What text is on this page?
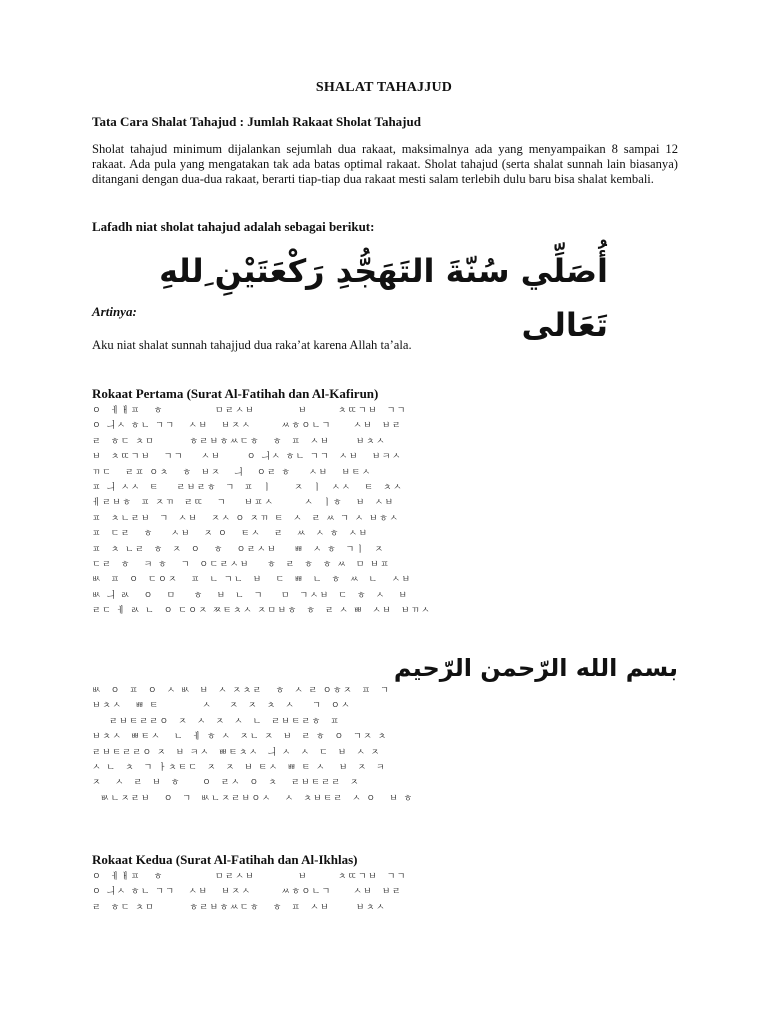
SHALAT TAHAJJUD
Tata Cara Shalat Tahajud : Jumlah Rakaat Sholat Tahajud
Sholat tahajud minimum dijalankan sejumlah dua rakaat, maksimalnya ada yang menyampaikan 8 sampai 12 rakaat. Ada pula yang mengatakan tak ada batas optimal rakaat. Sholat tahajud (serta shalat sunnah lain biasanya) ditangani dengan dua-dua rakaat, berarti tiap-tiap dua rakaat mesti salam terlebih dulu baru bisa shalat kembali.
Lafadh niat sholat tahajud adalah sebagai berikut:
أُصَلِّي سُنّةَ التَهَجُّدِ رَكْعَتَيْنِ ِللهِ تَعَالى
Artinya:
Aku niat shalat sunnah tahajjud dua raka’at karena Allah ta’ala.
Rokaat Pertama (Surat Al-Fatihah dan Al-Kafirun)
ㅇ  ㅔㅐㅍ   ㅎ            ㅁㄹㅅㅂ          ㅂ       ㅊㄸㄱㅂ  ㄱㄱ
ㅇ ㅢㅅ ㅎㄴ ㄱㄱ   ㅅㅂ   ㅂㅈㅅ       ㅆㅎㅇㄴㄱ     ㅅㅂ  ㅂㄹ
ㄹ  ㅎㄷ ㅊㅁ        ㅎㄹㅂㅎㅆㄷㅎ   ㅎ  ㅍ  ㅅㅂ      ㅂㅊㅅ
ㅂ  ㅊㄸㄱㅂ   ㄱㄱ    ㅅㅂ      ㅇ ㅢㅅ ㅎㄴ ㄱㄱ  ㅅㅂ   ㅂㅋㅅ
ㄲㄷ   ㄹㅍ ㅇㅊ   ㅎ  ㅂㅈ   ㅢ   ㅇㄹ ㅎ    ㅅㅂ   ㅂㅌㅅ
ㅍ ㅢ ㅅㅅ  ㅌ    ㄹㅂㄹㅎ  ㄱ  ㅍ  ㅣ     ㅈ  ㅣ  ㅅㅅ   ㅌ  ㅊㅅ
ㅔㄹㅂㅎ  ㅍ ㅈㄲ  ㄹㄸ   ㄱ    ㅂㅍㅅ       ㅅ  ㅣㅎ   ㅂ  ㅅㅂ
ㅍ  ㅊㄴㄹㅂ  ㄱ  ㅅㅂ   ㅈㅅ ㅇ ㅈㄲ ㅌ  ㅅ  ㄹ ㅆ ㄱ ㅅ ㅂㅎㅅ
ㅍ  ㄷㄹ   ㅎ    ㅅㅂ   ㅈ ㅇ   ㅌㅅ   ㄹ   ㅆ  ㅅ ㅎ  ㅅㅂ
ㅍ  ㅊ ㄴㄹ  ㅎ  ㅈ  ㅇ   ㅎ   ㅇㄹㅅㅂ    ㅃ  ㅅ ㅎ  ㄱㅣ  ㅈ
ㄷㄹ  ㅎ   ㅋ ㅎ   ㄱ  ㅇㄷㄹㅅㅂ    ㅎ  ㄹ  ㅎ  ㅎ ㅆ  ㅁ ㅂㅍ
ㅄ  ㅍ  ㅇ  ㄷㅇㅈ   ㅍ  ㄴ ㄱㄴ  ㅂ   ㄷ  ㅃ  ㄴ  ㅎ  ㅆ  ㄴ   ㅅㅂ
ㅄ ㅢ ㄽ   ㅇ   ㅁ    ㅎ   ㅂ  ㄴ  ㄱ    ㅁ  ㄱㅅㅂ  ㄷ  ㅎ  ㅅ   ㅂ
ㄹㄷ ㅔ ㄽ ㄴ  ㅇ ㄷㅇㅈ ㅉㅌㅊㅅ ㅈㅁㅂㅎ  ㅎ  ㄹ ㅅ ㅃ  ㅅㅂ  ㅂㄲㅅ
بسم الله الرّحمن الرّحيم
ㅄ  ㅇ  ㅍ  ㅇ  ㅅ ㅄ  ㅂ  ㅅ ㅈㅊㄹ   ㅎ  ㅅ ㄹ ㅇㅎㅈ  ㅍ  ㄱ
ㅂㅊㅅ   ㅃ ㅌ          ㅅ    ㅈ  ㅈ  ㅊ  ㅅ    ㄱ  ㅇㅅ
ㄹㅂㅌㄹㄹㅇ  ㅈ  ㅅ  ㅈ  ㅅ  ㄴ  ㄹㅂㅌㄹㅎ  ㅍ
ㅂㅊㅅ  ㅃㅌㅅ   ㄴ  ㅔ ㅎ ㅅ  ㅈㄴ ㅈ  ㅂ  ㄹ ㅎ  ㅇ  ㄱㅈ ㅊ
ㄹㅂㅌㄹㄹㅇ ㅈ  ㅂ ㅋㅅ  ㅃㅌㅊㅅ  ㅢ ㅅ  ㅅ  ㄷ  ㅂ  ㅅ ㅈ
ㅅ ㄴ  ㅊ  ㄱ ㅏㅊㅌㄷ  ㅈ  ㅈ  ㅂ ㅌㅅ  ㅃ ㅌ ㅅ   ㅂ  ㅈ  ㅋ
ㅈ   ㅅ  ㄹ  ㅂ  ㅎ     ㅇ  ㄹㅅ  ㅇ  ㅊ   ㄹㅂㅌㄹㄹ  ㅈ
ㅄㄴㅈㄹㅂ   ㅇ  ㄱ  ㅄㄴㅈㄹㅂㅇㅅ   ㅅ  ㅊㅂㅌㄹ  ㅅ ㅇ   ㅂ ㅎ
Rokaat Kedua (Surat Al-Fatihah dan Al-Ikhlas)
ㅇ  ㅔㅐㅍ   ㅎ            ㅁㄹㅅㅂ          ㅂ       ㅊㄸㄱㅂ  ㄱㄱ
ㅇ ㅢㅅ ㅎㄴ ㄱㄱ   ㅅㅂ   ㅂㅈㅅ       ㅆㅎㅇㄴㄱ     ㅅㅂ  ㅂㄹ
ㄹ  ㅎㄷ ㅊㅁ        ㅎㄹㅂㅎㅆㄷㅎ   ㅎ  ㅍ  ㅅㅂ      ㅂㅊㅅ
